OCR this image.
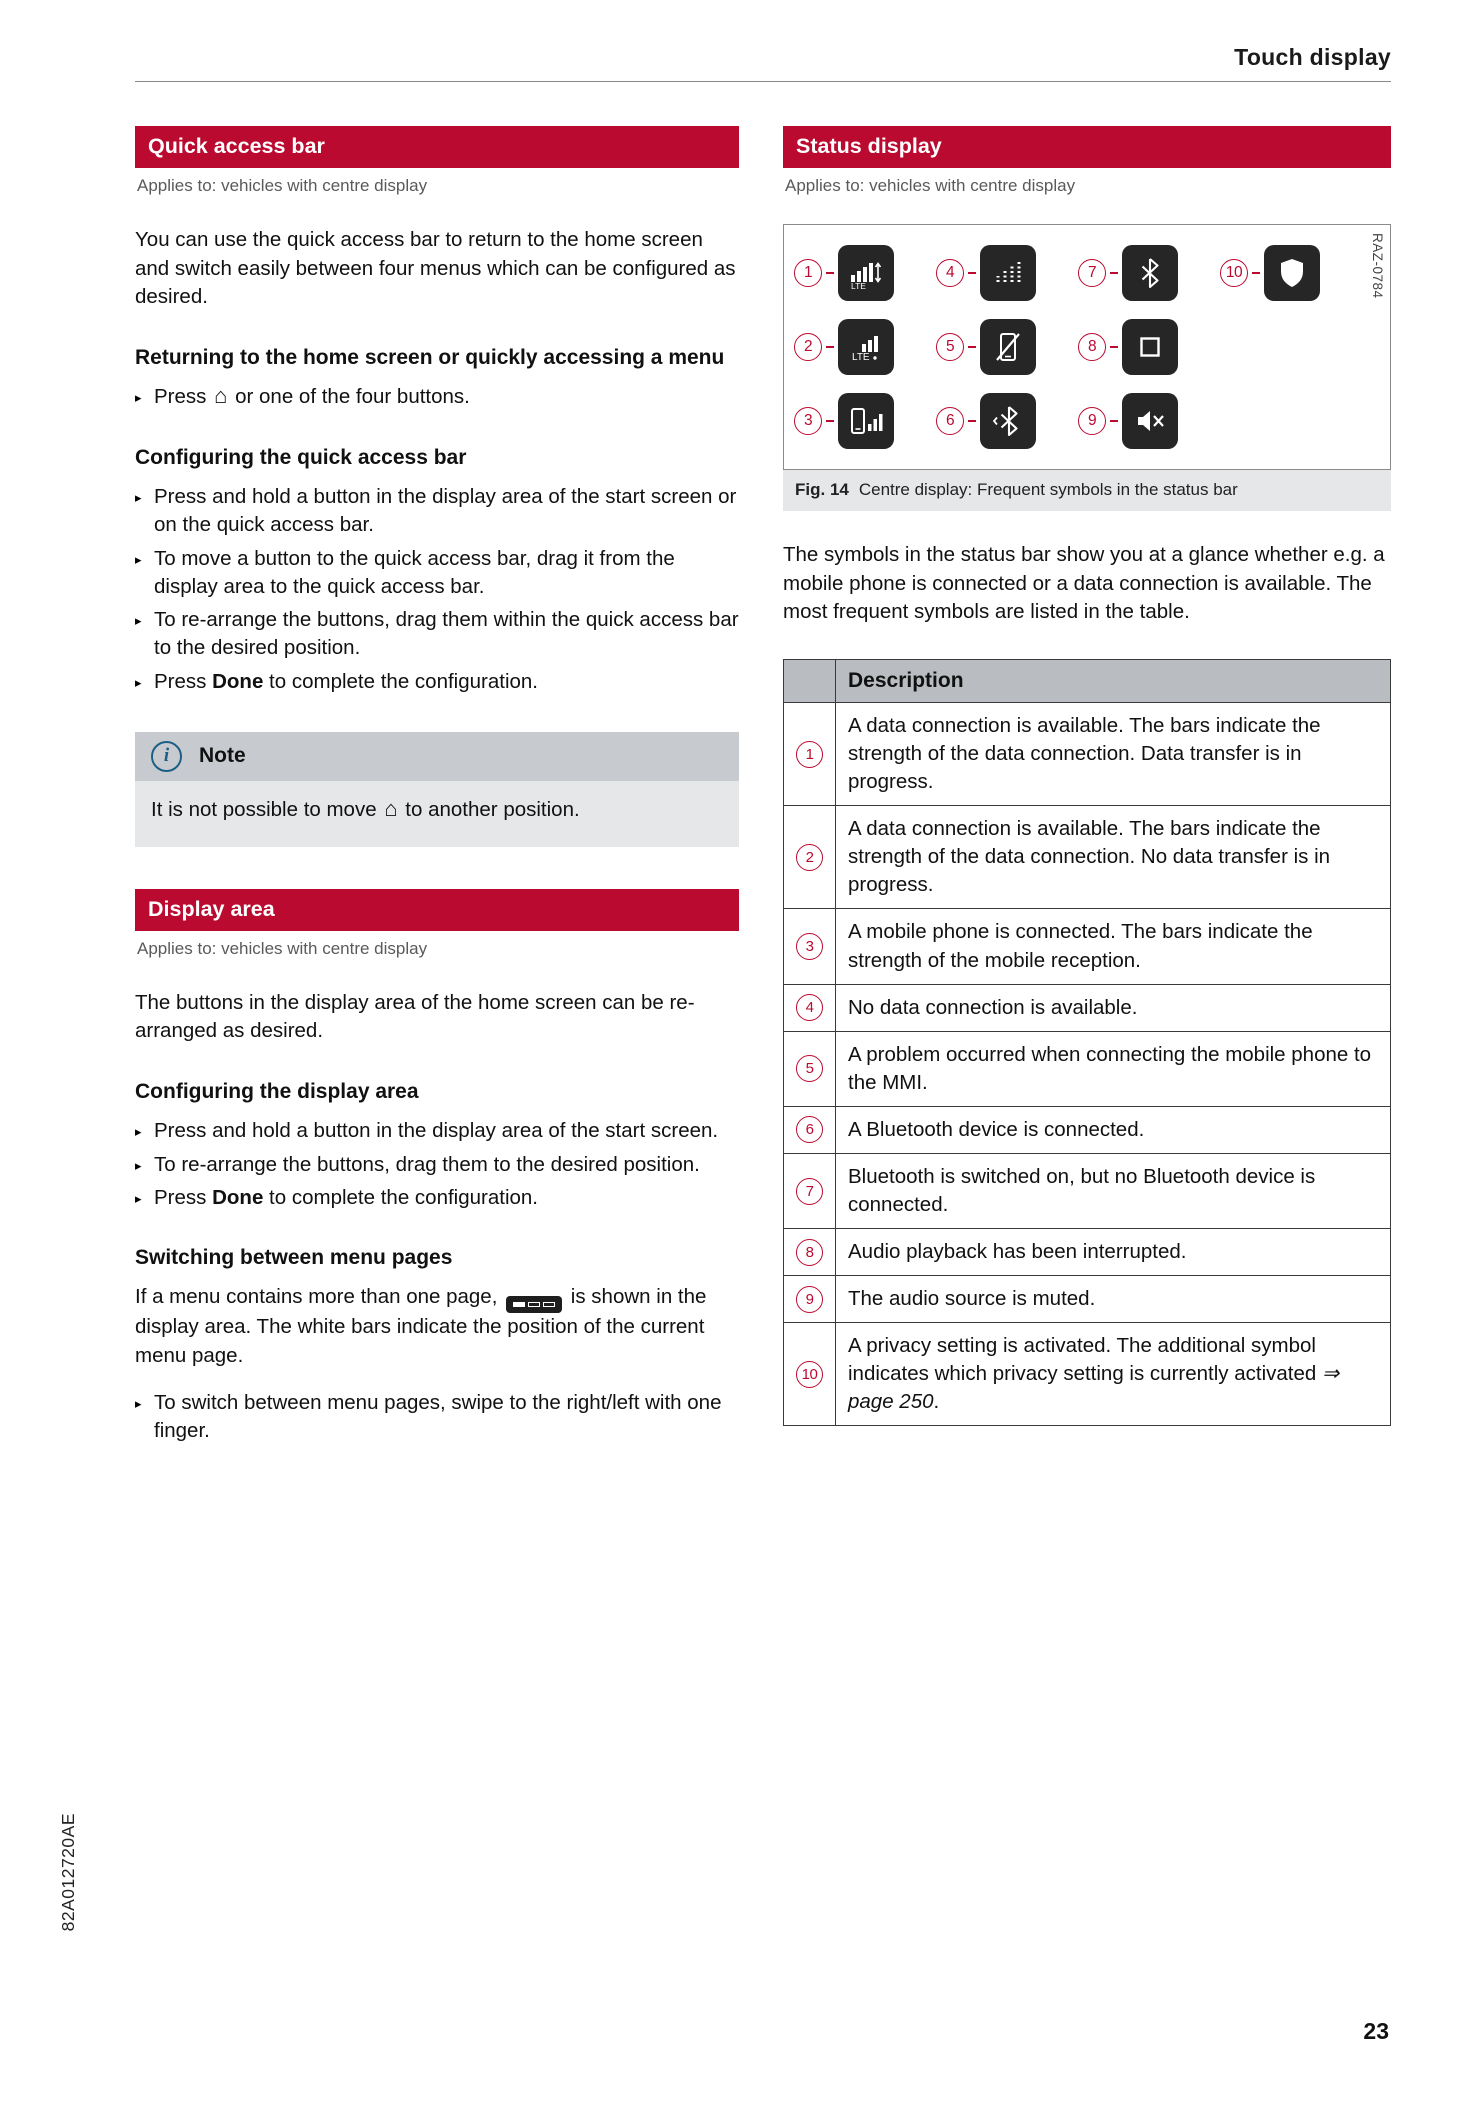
Touch display
Quick access bar
Applies to: vehicles with centre display

You can use the quick access bar to return to the home screen and switch easily between four menus which can be configured as desired.

Returning to the home screen or quickly accessing a menu
▸ Press ⌂ or one of the four buttons.
Configuring the quick access bar
▸ Press and hold a button in the display area of the start screen or on the quick access bar.
▸ To move a button to the quick access bar, drag it from the display area to the quick access bar.
▸ To re-arrange the buttons, drag them within the quick access bar to the desired position.
▸ Press Done to complete the configuration.
i	Note
It is not possible to move ⌂ to another position.
Display area
Applies to: vehicles with centre display

The buttons in the display area of the home screen can be re-arranged as desired.

Configuring the display area
▸ Press and hold a button in the display area of the start screen.
▸ To re-arrange the buttons, drag them to the desired position.
▸ Press Done to complete the configuration.
Switching between menu pages

If a menu contains more than one page,	is shown in the display area. The white bars indicate the position of the current menu page.

▸ To switch between menu pages, swipe to the right/left with one finger.
Status display
Applies to: vehicles with centre display
1
LTE
2
LTE
3
4
5
6
7
8
9
10	RAZ-0784
Fig. 14 Centre display: Frequent symbols in the status bar

The symbols in the status bar show you at a glance whether e.g. a mobile phone is connected or a data connection is available. The most frequent symbols are listed in the table.

	Description
1	A data connection is available. The bars indicate the strength of the data connection. Data transfer is in progress.
2	A data connection is available. The bars indicate the strength of the data connection. No data transfer is in progress.
3	A mobile phone is connected. The bars indicate the strength of the mobile reception.
4	No data connection is available.
5	A problem occurred when connecting the mobile phone to the MMI.
6	A Bluetooth device is connected.
7	Bluetooth is switched on, but no Bluetooth device is connected.
8	Audio playback has been interrupted.
9	The audio source is muted.
10	A privacy setting is activated. The additional symbol indicates which privacy setting is currently activated ⇒ page 250.
82A012720AE
23
